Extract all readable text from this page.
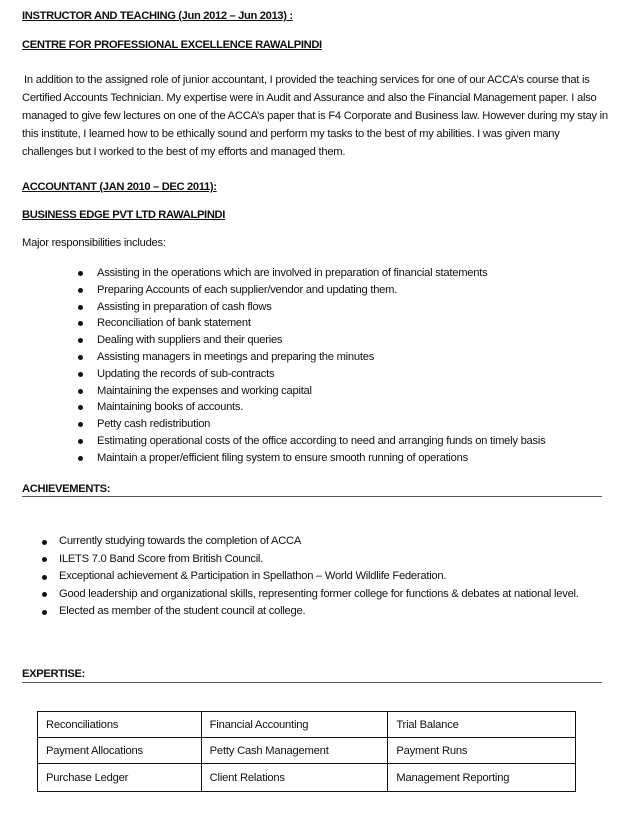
INSTRUCTOR AND TEACHING (Jun 2012 – Jun 2013) :
CENTRE FOR PROFESSIONAL EXCELLENCE RAWALPINDI
In addition to the assigned role of junior accountant, I provided the teaching services for one of our ACCA’s course that is
Certified Accounts Technician. My expertise were in Audit and Assurance and also the Financial Management paper. I also
managed to give few lectures on one of the ACCA’s paper that is F4 Corporate and Business law. However during my stay in
this institute, I learned how to be ethically sound and perform my tasks to the best of my abilities. I was given many
challenges but I worked to the best of my efforts and managed them.
ACCOUNTANT (JAN 2010 – DEC 2011):
BUSINESS EDGE PVT LTD RAWALPINDI
Major responsibilities includes:
Assisting in the operations which are involved in preparation of financial statements
Preparing Accounts of each supplier/vendor and updating them.
Assisting in preparation of cash flows
Reconciliation of bank statement
Dealing with suppliers and their queries
Assisting managers in meetings and preparing the minutes
Updating the records of sub-contracts
Maintaining the expenses and working capital
Maintaining books of accounts.
Petty cash redistribution
Estimating operational costs of the office according to need and arranging funds on timely basis
Maintain a proper/efficient filing system to ensure smooth running of operations
ACHIEVEMENTS:
Currently studying towards the completion of ACCA
ILETS 7.0 Band Score from British Council.
Exceptional achievement & Participation in Spellathon – World Wildlife Federation.
Good leadership and organizational skills, representing former college for functions & debates at national level.
Elected as member of the student council at college.
EXPERTISE:
Reconciliations	Financial Accounting	Trial Balance
Payment Allocations	Petty Cash Management	Payment Runs
Purchase Ledger	Client Relations	Management Reporting
